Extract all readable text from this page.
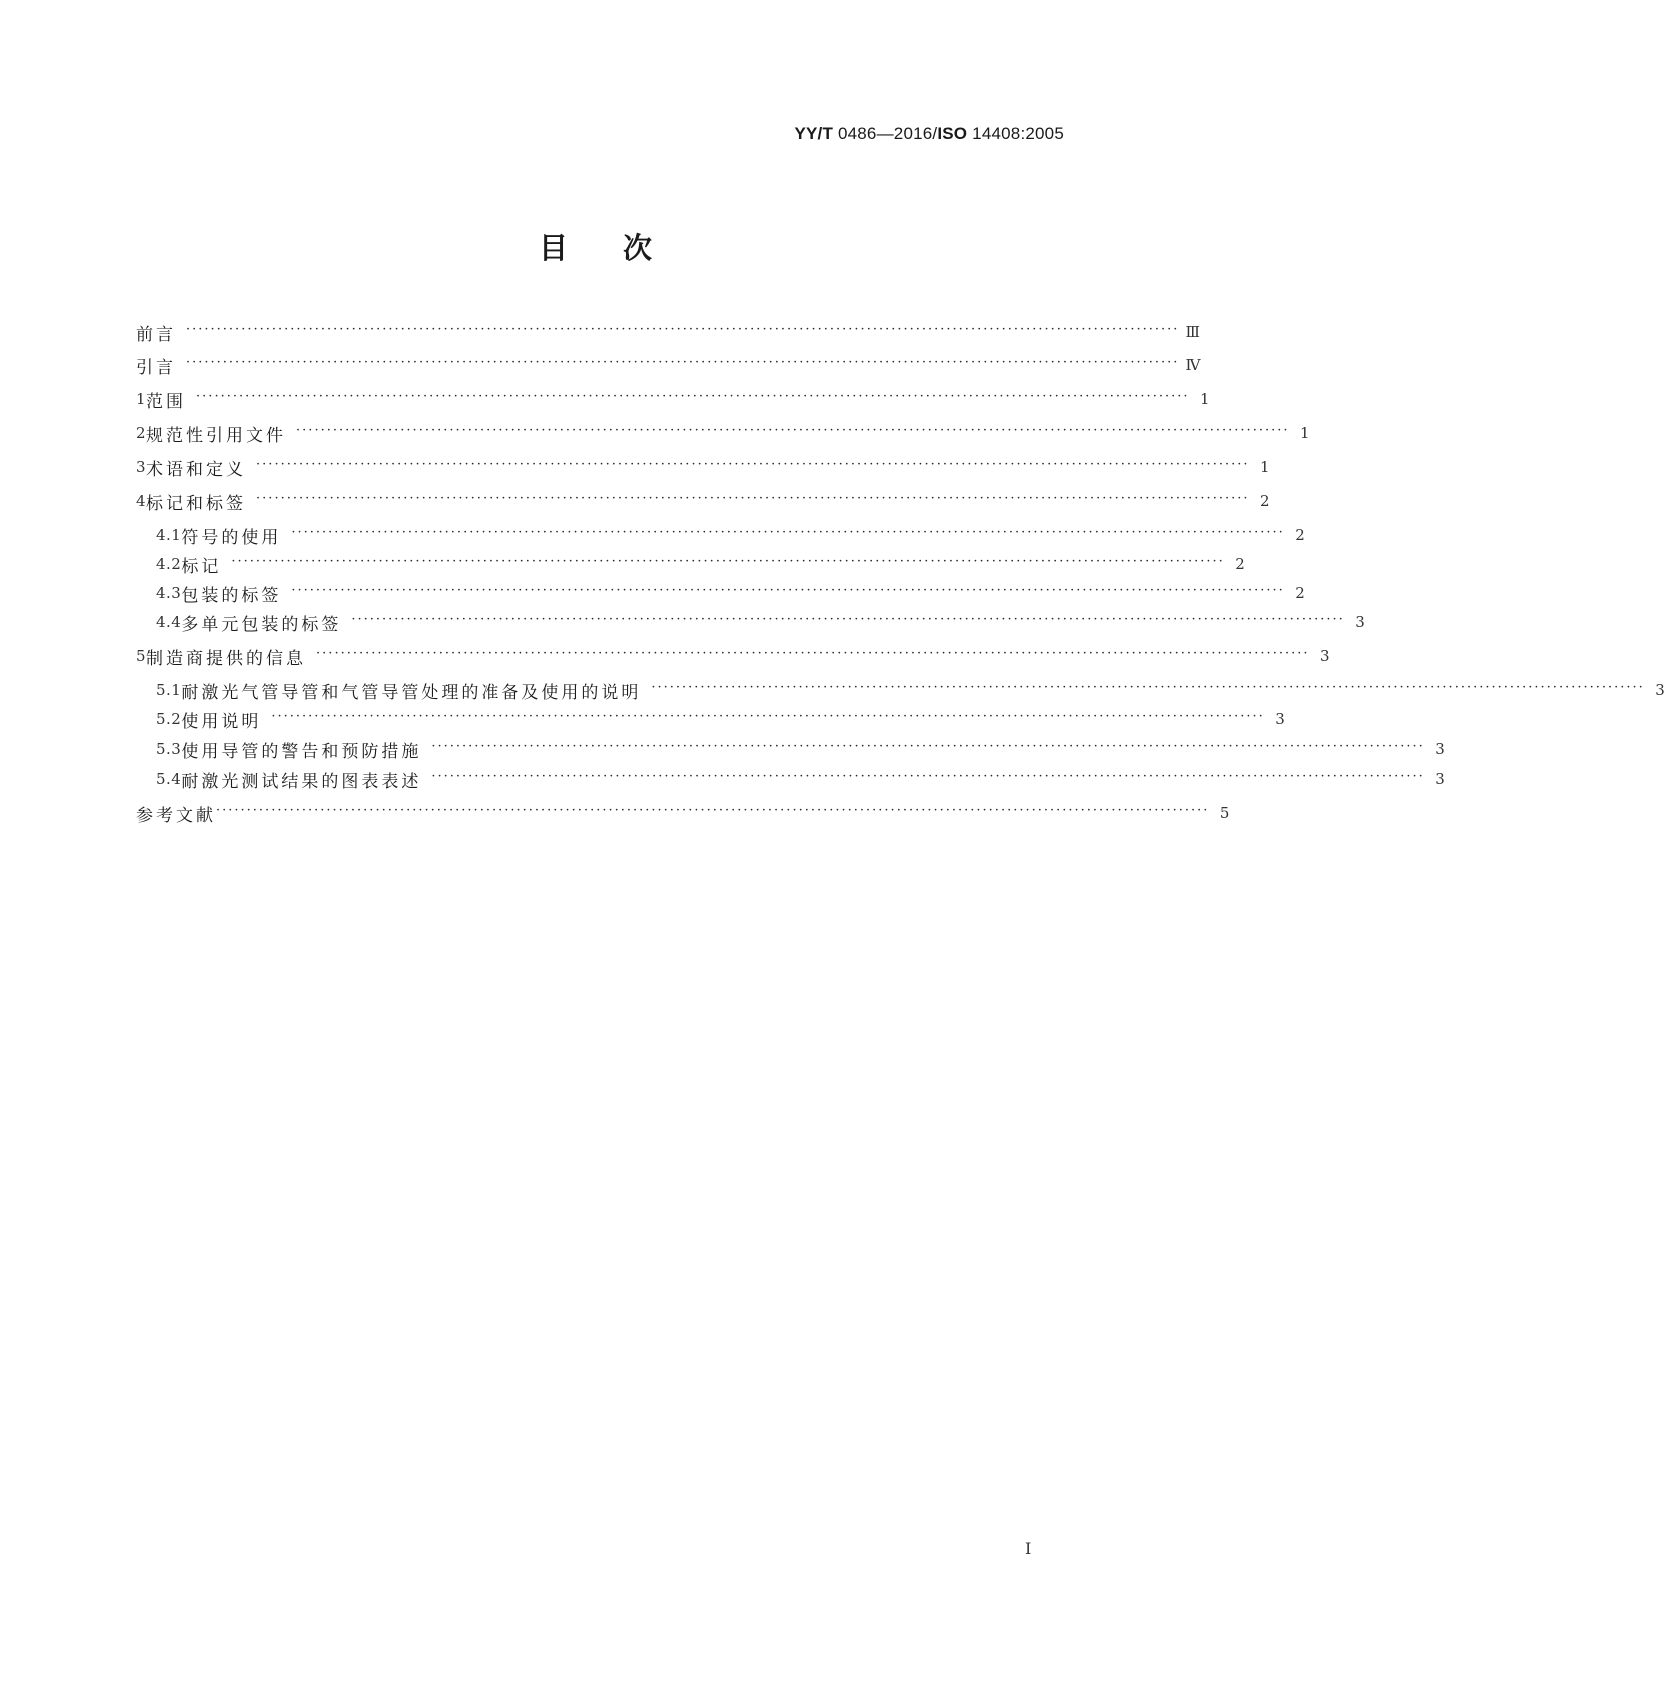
YY/T 0486—2016/ISO 14408:2005
目次
前言 ·································································································································································· Ⅲ
引言 ·································································································································································· Ⅳ
1 范围 ·································································································································································· 1
2 规范性引用文件 ·································································································································································· 1
3 术语和定义 ·································································································································································· 1
4 标记和标签 ·································································································································································· 2
4.1 符号的使用 ·································································································································································· 2
4.2 标记 ·································································································································································· 2
4.3 包装的标签 ·································································································································································· 2
4.4 多单元包装的标签 ·································································································································································· 3
5 制造商提供的信息 ·································································································································································· 3
5.1 耐激光气管导管和气管导管处理的准备及使用的说明 ·································································································································································· 3
5.2 使用说明 ·································································································································································· 3
5.3 使用导管的警告和预防措施 ·································································································································································· 3
5.4 耐激光测试结果的图表表述 ·································································································································································· 3
参考文献 ·································································································································································· 5
I
